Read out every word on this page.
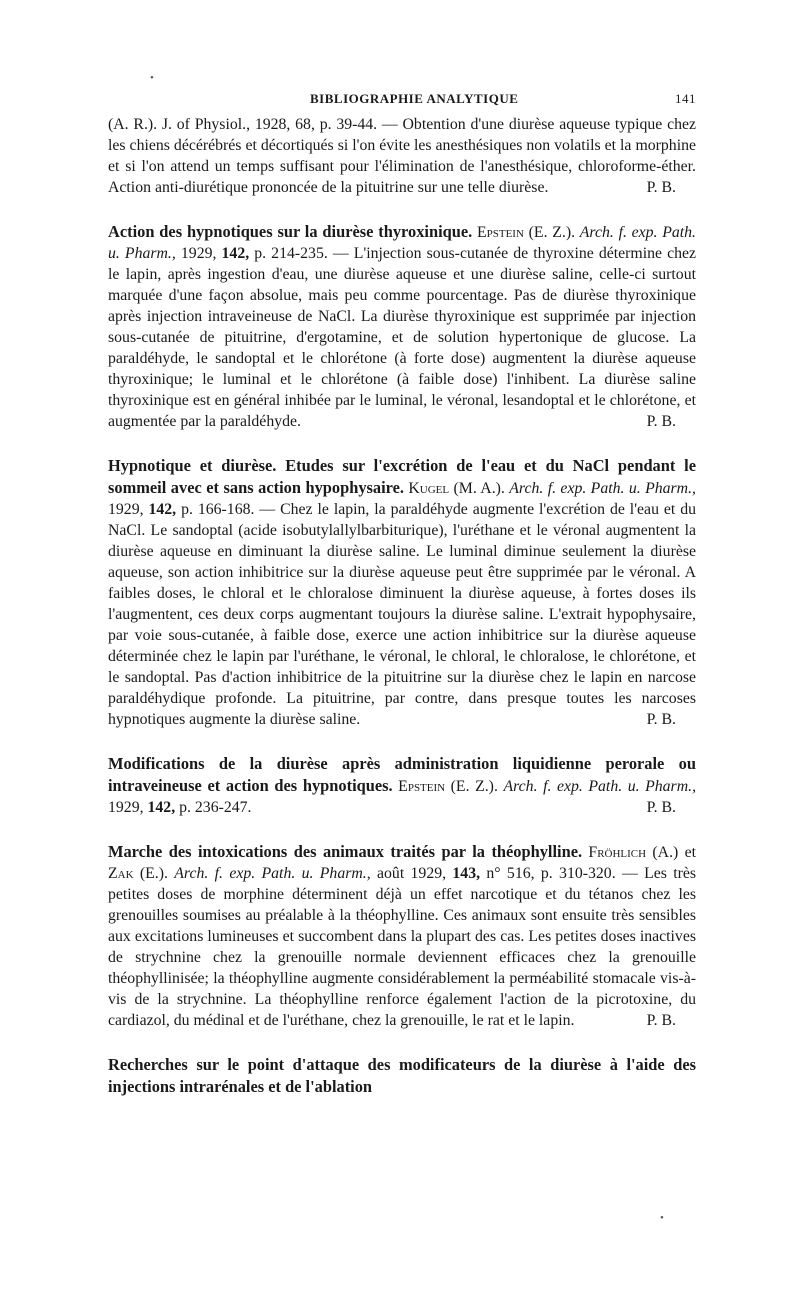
•
BIBLIOGRAPHIE ANALYTIQUE	141

(A. R.). J. of Physiol., 1928, 68, p. 39-44. — Obtention d'une diurèse aqueuse typique chez les chiens décérébrés et décortiqués si l'on évite les anesthésiques non volatils et la morphine et si l'on attend un temps suffisant pour l'élimination de l'anesthésique, chloroforme-éther. Action anti-diurétique prononcée de la pituitrine sur une telle diurèse.	P. B.

Action des hypnotiques sur la diurèse thyroxinique. Epstein (E. Z.). Arch. f. exp. Path. u. Pharm., 1929, 142, p. 214-235. — L'injection sous-cutanée de thyroxine détermine chez le lapin, après ingestion d'eau, une diurèse aqueuse et une diurèse saline, celle-ci surtout marquée d'une façon absolue, mais peu comme pourcentage. Pas de diurèse thyroxinique après injection intraveineuse de NaCl. La diurèse thyroxinique est supprimée par injection sous-cutanée de pituitrine, d'ergotamine, et de solution hypertonique de glucose. La paraldéhyde, le sandoptal et le chlorétone (à forte dose) augmentent la diurèse aqueuse thyroxinique; le luminal et le chlorétone (à faible dose) l'inhibent. La diurèse saline thyroxinique est en général inhibée par le luminal, le véronal, lesandoptal et le chlorétone, et augmentée par la paraldéhyde.	P. B.

Hypnotique et diurèse. Etudes sur l'excrétion de l'eau et du NaCl pendant le sommeil avec et sans action hypophysaire. Kugel (M. A.). Arch. f. exp. Path. u. Pharm., 1929, 142, p. 166-168. — Chez le lapin, la paraldéhyde augmente l'excrétion de l'eau et du NaCl. Le sandoptal (acide isobutylallylbarbiturique), l'uréthane et le véronal augmentent la diurèse aqueuse en diminuant la diurèse saline. Le luminal diminue seulement la diurèse aqueuse, son action inhibitrice sur la diurèse aqueuse peut être supprimée par le véronal. A faibles doses, le chloral et le chloralose diminuent la diurèse aqueuse, à fortes doses ils l'augmentent, ces deux corps augmentant toujours la diurèse saline. L'extrait hypophysaire, par voie sous-cutanée, à faible dose, exerce une action inhibitrice sur la diurèse aqueuse déterminée chez le lapin par l'uréthane, le véronal, le chloral, le chloralose, le chlorétone, et le sandoptal. Pas d'action inhibitrice de la pituitrine sur la diurèse chez le lapin en narcose paraldéhydique profonde. La pituitrine, par contre, dans presque toutes les narcoses hypnotiques augmente la diurèse saline.	P. B.

Modifications de la diurèse après administration liquidienne perorale ou intraveineuse et action des hypnotiques. Epstein (E. Z.). Arch. f. exp. Path. u. Pharm., 1929, 142, p. 236-247.	P. B.

Marche des intoxications des animaux traités par la théophylline. Fröhlich (A.) et Zak (E.). Arch. f. exp. Path. u. Pharm., août 1929, 143, n° 516, p. 310-320. — Les très petites doses de morphine déterminent déjà un effet narcotique et du tétanos chez les grenouilles soumises au préalable à la théophylline. Ces animaux sont ensuite très sensibles aux excitations lumineuses et succombent dans la plupart des cas. Les petites doses inactives de strychnine chez la grenouille normale deviennent efficaces chez la grenouille théophyllinisée; la théophylline augmente considérablement la perméabilité stomacale vis-à-vis de la strychnine. La théophylline renforce également l'action de la picrotoxine, du cardiazol, du médinal et de l'uréthane, chez la grenouille, le rat et le lapin.	P. B.

Recherches sur le point d'attaque des modificateurs de la diurèse à l'aide des injections intrarénales et de l'ablation

•
